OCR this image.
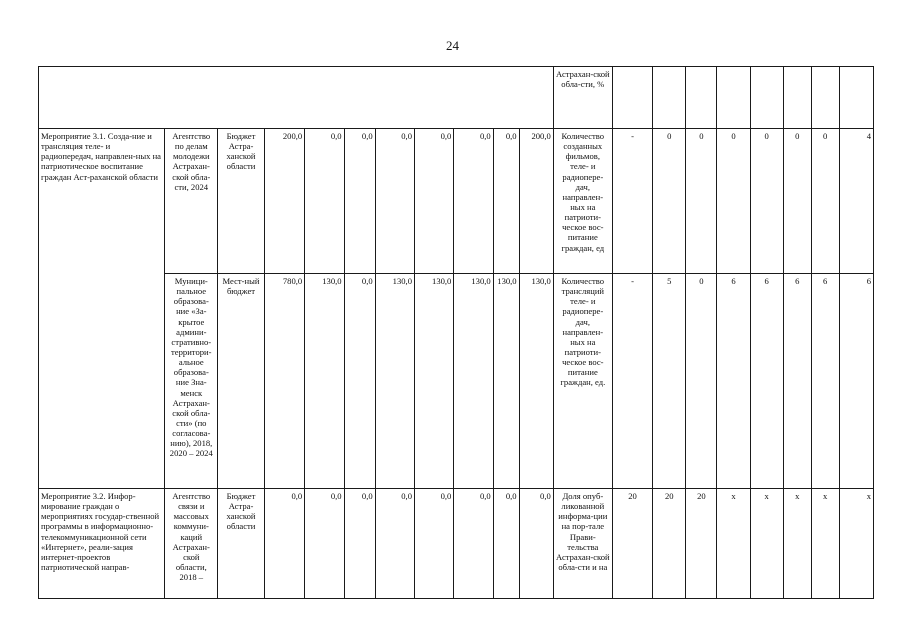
24
											Астрахан-ской обла-сти, %								
Мероприятие 3.1. Созда-ние и трансляция теле- и радиопередач, направлен-ных на патриотическое воспитание граждан Аст-раханской области	Агентство по делам молодежи Астрахан-ской обла-сти, 2024	Бюджет Астра-ханской области	200,0	0,0	0,0	0,0	0,0	0,0	0,0	200,0	Количество созданных фильмов, теле- и радиопере-дач, направлен-ных на патриоти-ческое вос-питание граждан, ед	-	0	0	0	0	0	0	4
	Муници-пальное образова-ние «За-крытое админи-стративно-территори-альное образова-ние Зна-менск Астрахан-ской обла-сти» (по согласова-нию), 2018, 2020 – 2024	Мест-ный бюджет	780,0	130,0	0,0	130,0	130,0	130,0	130,0	130,0	Количество трансляций теле- и радиопере-дач, направлен-ных на патриоти-ческое вос-питание граждан, ед.	-	5	0	6	6	6	6	6
Мероприятие 3.2. Инфор-мирование граждан о мероприятиях государ-ственной программы в информационно-телекоммуникационной сети «Интернет», реали-зация интернет-проектов патриотической направ-	Агентство связи и массовых коммуни-каций Астрахан-ской области, 2018 –	Бюджет Астра-ханской области	0,0	0,0	0,0	0,0	0,0	0,0	0,0	0,0	Доля опуб-ликованной информа-ции на пор-тале Прави-тельства Астрахан-ской обла-сти и на	20	20	20	x	x	x	x	x
